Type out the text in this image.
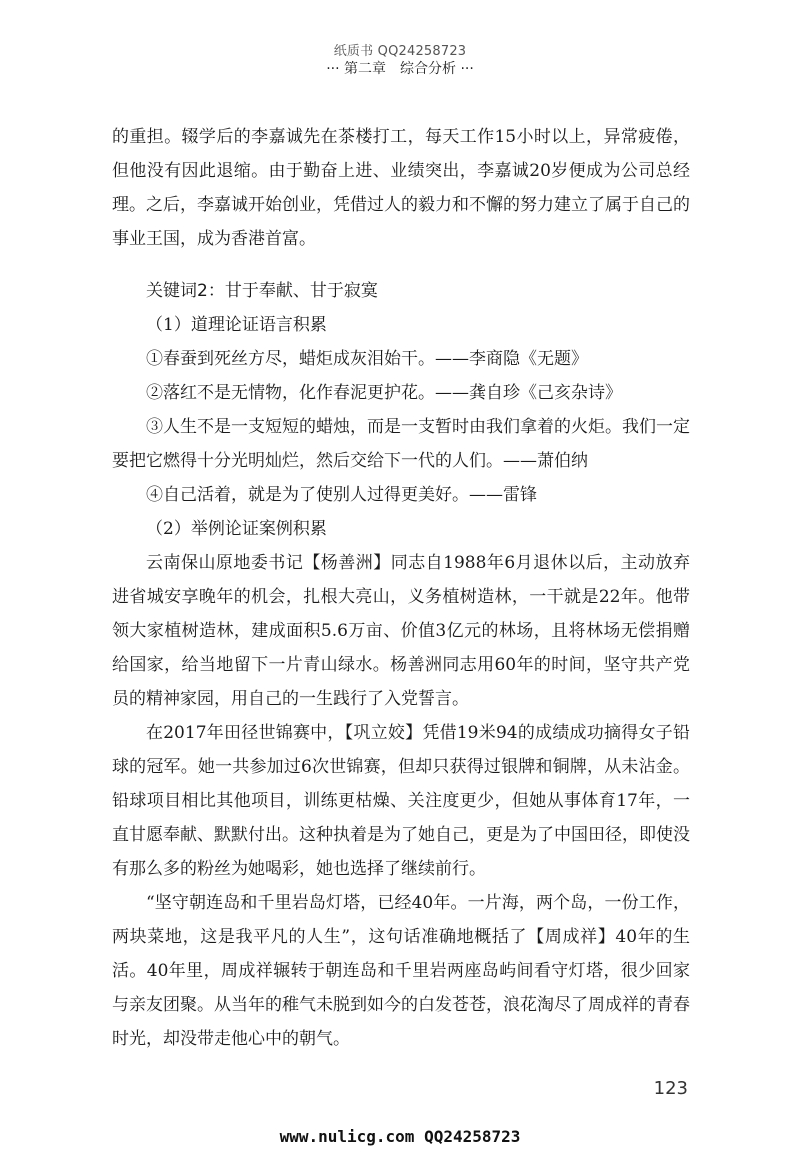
纸质书 QQ24258723
··· 第二章　综合分析 ···

的重担。辍学后的李嘉诚先在茶楼打工，每天工作15小时以上，异常疲倦，但他没有因此退缩。由于勤奋上进、业绩突出，李嘉诚20岁便成为公司总经理。之后，李嘉诚开始创业，凭借过人的毅力和不懈的努力建立了属于自己的事业王国，成为香港首富。

关键词2：甘于奉献、甘于寂寞

（1）道理论证语言积累

①春蚕到死丝方尽，蜡炬成灰泪始干。——李商隐《无题》

②落红不是无情物，化作春泥更护花。——龚自珍《己亥杂诗》

③人生不是一支短短的蜡烛，而是一支暂时由我们拿着的火炬。我们一定要把它燃得十分光明灿烂，然后交给下一代的人们。——萧伯纳

④自己活着，就是为了使别人过得更美好。——雷锋

（2）举例论证案例积累

云南保山原地委书记【杨善洲】同志自1988年6月退休以后，主动放弃进省城安享晚年的机会，扎根大亮山，义务植树造林，一干就是22年。他带领大家植树造林，建成面积5.6万亩、价值3亿元的林场，且将林场无偿捐赠给国家，给当地留下一片青山绿水。杨善洲同志用60年的时间，坚守共产党员的精神家园，用自己的一生践行了入党誓言。

在2017年田径世锦赛中，【巩立姣】凭借19米94的成绩成功摘得女子铅球的冠军。她一共参加过6次世锦赛，但却只获得过银牌和铜牌，从未沾金。铅球项目相比其他项目，训练更枯燥、关注度更少，但她从事体育17年，一直甘愿奉献、默默付出。这种执着是为了她自己，更是为了中国田径，即使没有那么多的粉丝为她喝彩，她也选择了继续前行。

“坚守朝连岛和千里岩岛灯塔，已经40年。一片海，两个岛，一份工作，两块菜地，这是我平凡的人生”，这句话准确地概括了【周成祥】40年的生活。40年里，周成祥辗转于朝连岛和千里岩两座岛屿间看守灯塔，很少回家与亲友团聚。从当年的稚气未脱到如今的白发苍苍，浪花淘尽了周成祥的青春时光，却没带走他心中的朝气。

123
www.nulicg.com QQ24258723
